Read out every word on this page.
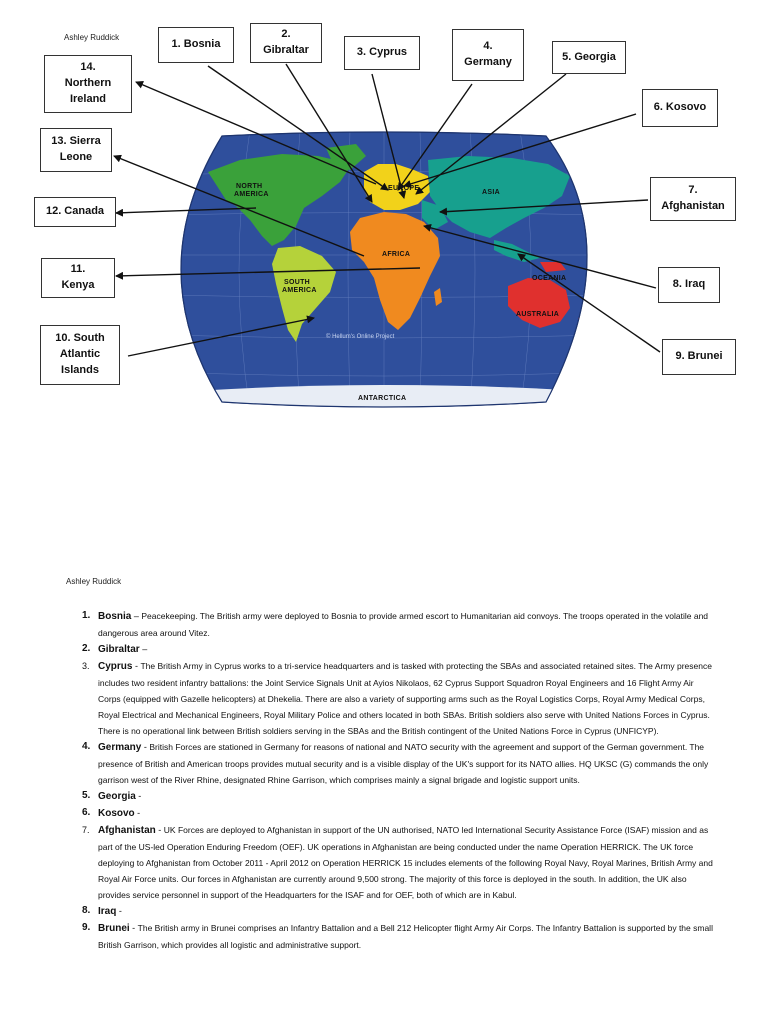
Ashley Ruddick
NORTH
AMERICA
SOUTH
AMERICA
EUROPE
ASIA
AFRICA
OCEANIA
AUSTRALIA
ANTARCTICA
© Hellum's Online Project
1. Bosnia
2.
Gibraltar	3. Cyprus	4.
Germany	5. Georgia
6. Kosovo
7.
Afghanistan
8. Iraq
9. Brunei
10. South
Atlantic
Islands
11.
Kenya
12. Canada
13. Sierra
Leone
14.
Northern
Ireland
Ashley Ruddick
1. Bosnia – Peacekeeping. The British army were deployed to Bosnia to provide armed escort to Humanitarian aid convoys. The troops operated in the volatile and dangerous area around Vitez.
2. Gibraltar –
3. Cyprus - The British Army in Cyprus works to a tri-service headquarters and is tasked with protecting the SBAs and associated retained sites. The Army presence includes two resident infantry battalions: the Joint Service Signals Unit at Ayios Nikolaos, 62 Cyprus Support Squadron Royal Engineers and 16 Flight Army Air Corps (equipped with Gazelle helicopters) at Dhekelia. There are also a variety of supporting arms such as the Royal Logistics Corps, Royal Army Medical Corps, Royal Electrical and Mechanical Engineers, Royal Military Police and others located in both SBAs. British soldiers also serve with United Nations Forces in Cyprus. There is no operational link between British soldiers serving in the SBAs and the British contingent of the United Nations Force in Cyprus (UNFICYP).
4. Germany - British Forces are stationed in Germany for reasons of national and NATO security with the agreement and support of the German government. The presence of British and American troops provides mutual security and is a visible display of the UK's support for its NATO allies. HQ UKSC (G) commands the only garrison west of the River Rhine, designated Rhine Garrison, which comprises mainly a signal brigade and logistic support units.
5. Georgia -
6. Kosovo -
7. Afghanistan - UK Forces are deployed to Afghanistan in support of the UN authorised, NATO led International Security Assistance Force (ISAF) mission and as part of the US-led Operation Enduring Freedom (OEF). UK operations in Afghanistan are being conducted under the name Operation HERRICK. The UK force deploying to Afghanistan from October 2011 - April 2012 on Operation HERRICK 15 includes elements of the following Royal Navy, Royal Marines, British Army and Royal Air Force units. Our forces in Afghanistan are currently around 9,500 strong. The majority of this force is deployed in the south. In addition, the UK also provides service personnel in support of the Headquarters for the ISAF and for OEF, both of which are in Kabul.
8. Iraq -
9. Brunei - The British army in Brunei comprises an Infantry Battalion and a Bell 212 Helicopter flight Army Air Corps. The Infantry Battalion is supported by the small British Garrison, which provides all logistic and administrative support.
